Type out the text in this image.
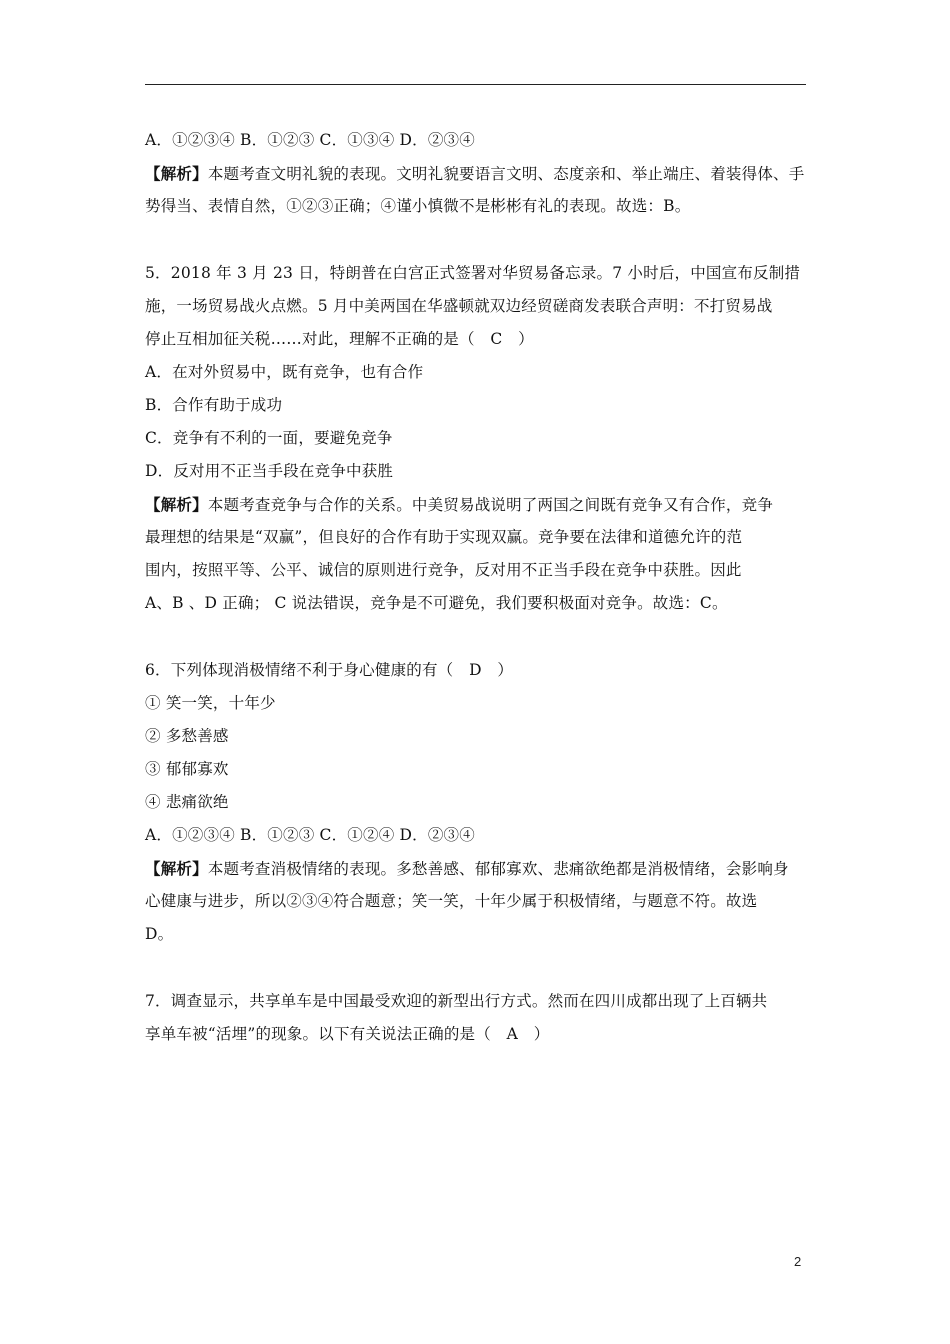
A．①②③④ B．①②③ C．①③④ D．②③④
【解析】本题考查文明礼貌的表现。文明礼貌要语言文明、态度亲和、举止端庄、着装得体、手
势得当、表情自然，①②③正确；④谨小慎微不是彬彬有礼的表现。故选：B。
5．2018 年 3 月 23 日，特朗普在白宫正式签署对华贸易备忘录。7 小时后，中国宣布反制措
施，一场贸易战火点燃。5 月中美两国在华盛顿就双边经贸磋商发表联合声明：不打贸易战
停止互相加征关税……对此，理解不正确的是（　C　）
A．在对外贸易中，既有竞争，也有合作
B．合作有助于成功
C．竞争有不利的一面，要避免竞争
D．反对用不正当手段在竞争中获胜
【解析】本题考查竞争与合作的关系。中美贸易战说明了两国之间既有竞争又有合作，竞争
最理想的结果是“双赢”，但良好的合作有助于实现双赢。竞争要在法律和道德允许的范
围内，按照平等、公平、诚信的原则进行竞争，反对用不正当手段在竞争中获胜。因此
A、B 、D 正确； C 说法错误，竞争是不可避免，我们要积极面对竞争。故选：C。
6．下列体现消极情绪不利于身心健康的有（　D　）
① 笑一笑，十年少
② 多愁善感
③ 郁郁寡欢
④ 悲痛欲绝
A．①②③④ B．①②③ C．①②④ D．②③④
【解析】本题考查消极情绪的表现。多愁善感、郁郁寡欢、悲痛欲绝都是消极情绪，会影响身
心健康与进步，所以②③④符合题意；笑一笑，十年少属于积极情绪，与题意不符。故选
D。
7．调查显示，共享单车是中国最受欢迎的新型出行方式。然而在四川成都出现了上百辆共
享单车被“活埋”的现象。以下有关说法正确的是（　A　）
2
